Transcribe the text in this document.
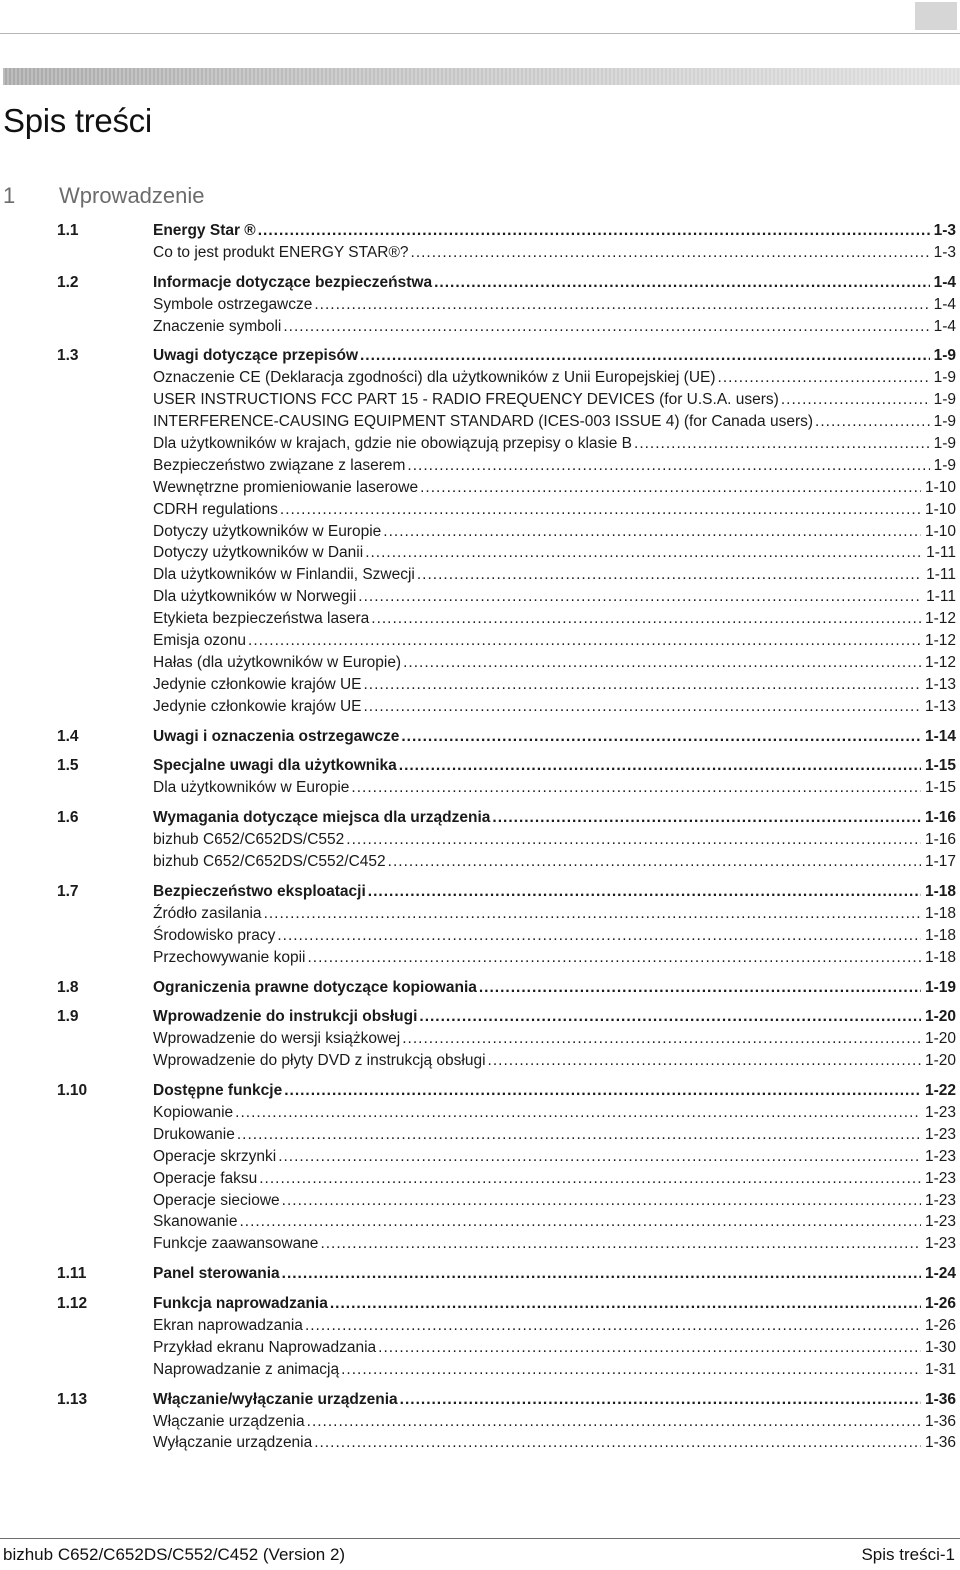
Spis treści
1	Wprowadzenie
1.1	Energy Star ® .....	1-3
Co to jest produkt ENERGY STAR®? .....	1-3
1.2	Informacje dotyczące bezpieczeństwa .....	1-4
Symbole ostrzegawcze .....	1-4
Znaczenie symboli .....	1-4
1.3	Uwagi dotyczące przepisów .....	1-9
Oznaczenie CE (Deklaracja zgodności) dla użytkowników z Unii Europejskiej (UE) .....	1-9
USER INSTRUCTIONS FCC PART 15 - RADIO FREQUENCY DEVICES (for U.S.A. users) .....	1-9
INTERFERENCE-CAUSING EQUIPMENT STANDARD (ICES-003 ISSUE 4) (for Canada users) .....	1-9
Dla użytkowników w krajach, gdzie nie obowiązują przepisy o klasie B .....	1-9
Bezpieczeństwo związane z laserem .....	1-9
Wewnętrzne promieniowanie laserowe .....	1-10
CDRH regulations .....	1-10
Dotyczy użytkowników w Europie .....	1-10
Dotyczy użytkowników w Danii .....	1-11
Dla użytkowników w Finlandii, Szwecji .....	1-11
Dla użytkowników w Norwegii .....	1-11
Etykieta bezpieczeństwa lasera .....	1-12
Emisja ozonu .....	1-12
Hałas (dla użytkowników w Europie) .....	1-12
Jedynie członkowie krajów UE .....	1-13
Jedynie członkowie krajów UE .....	1-13
1.4	Uwagi i oznaczenia ostrzegawcze .....	1-14
1.5	Specjalne uwagi dla użytkownika .....	1-15
Dla użytkowników w Europie .....	1-15
1.6	Wymagania dotyczące miejsca dla urządzenia .....	1-16
bizhub C652/C652DS/C552 .....	1-16
bizhub C652/C652DS/C552/C452 .....	1-17
1.7	Bezpieczeństwo eksploatacji .....	1-18
Źródło zasilania .....	1-18
Środowisko pracy .....	1-18
Przechowywanie kopii .....	1-18
1.8	Ograniczenia prawne dotyczące kopiowania .....	1-19
1.9	Wprowadzenie do instrukcji obsługi .....	1-20
Wprowadzenie do wersji książkowej .....	1-20
Wprowadzenie do płyty DVD z instrukcją obsługi .....	1-20
1.10	Dostępne funkcje .....	1-22
Kopiowanie .....	1-23
Drukowanie .....	1-23
Operacje skrzynki .....	1-23
Operacje faksu .....	1-23
Operacje sieciowe .....	1-23
Skanowanie .....	1-23
Funkcje zaawansowane .....	1-23
1.11	Panel sterowania .....	1-24
1.12	Funkcja naprowadzania .....	1-26
Ekran naprowadzania .....	1-26
Przykład ekranu Naprowadzania .....	1-30
Naprowadzanie z animacją .....	1-31
1.13	Włączanie/wyłączanie urządzenia .....	1-36
Włączanie urządzenia .....	1-36
Wyłączanie urządzenia .....	1-36
bizhub C652/C652DS/C552/C452 (Version 2)	Spis treści-1
